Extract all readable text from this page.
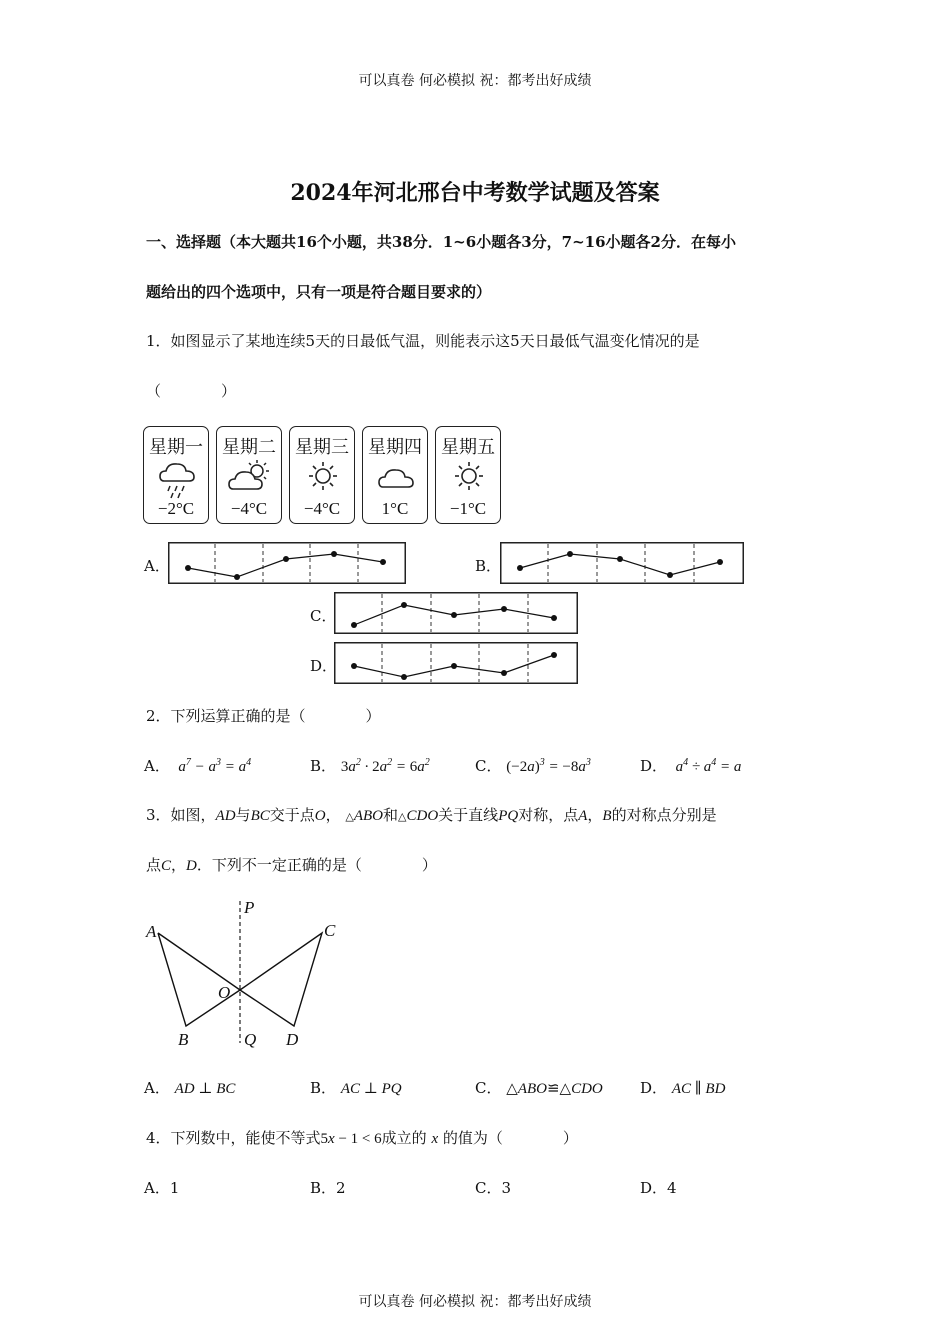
可以真卷 何必模拟 祝：都考出好成绩
2024年河北邢台中考数学试题及答案
一、选择题（本大题共16个小题，共38分．1~6小题各3分，7~16小题各2分．在每小
题给出的四个选项中，只有一项是符合题目要求的）
1．如图显示了某地连续5天的日最低气温，则能表示这5天日最低气温变化情况的是
（　　　　）
星期一
−2°C
星期二
−4°C
星期三
−4°C
星期四
1°C
星期五
−1°C
A．	B．
C．
D．
2．下列运算正确的是（　　　　）
A．  $a^7 - a^3 = a^4$	B． $3a^2 \cdot 2a^2 = 6a^2$	C． $(-2a)^3 = -8a^3$	D．  $a^4 \div a^4 = a$
3．如图，AD与BC交于点O， △ABO和△CDO关于直线PQ对称，点A，B的对称点分别是
点C，D．下列不一定正确的是（　　　　）
A
B
C
D
O
P
Q
A． AD ⊥ BC	B． AC ⊥ PQ	C． △ABO≌△CDO D． AC ∥ BD
4．下列数中，能使不等式5x − 1 < 6成立的 x 的值为（　　　　）
A．1	B．2	C．3	D．4
可以真卷 何必模拟 祝：都考出好成绩
